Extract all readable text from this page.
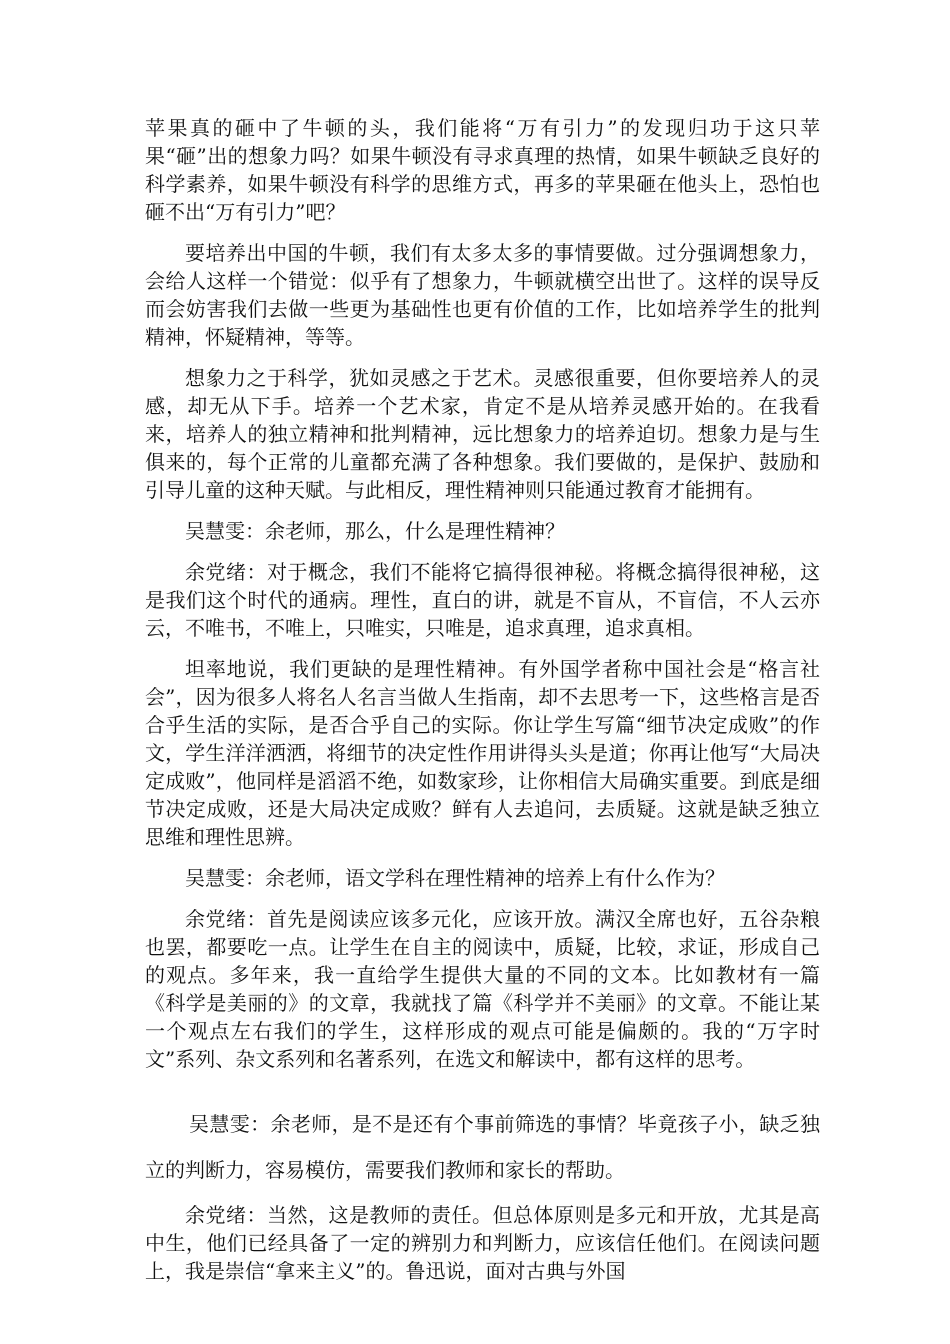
苹果真的砸中了牛顿的头，我们能将“万有引力”的发现归功于这只苹果“砸”出的想象力吗？如果牛顿没有寻求真理的热情，如果牛顿缺乏良好的科学素养，如果牛顿没有科学的思维方式，再多的苹果砸在他头上，恐怕也砸不出“万有引力”吧？

要培养出中国的牛顿，我们有太多太多的事情要做。过分强调想象力，会给人这样一个错觉：似乎有了想象力，牛顿就横空出世了。这样的误导反而会妨害我们去做一些更为基础性也更有价值的工作，比如培养学生的批判精神，怀疑精神，等等。

想象力之于科学，犹如灵感之于艺术。灵感很重要，但你要培养人的灵感，却无从下手。培养一个艺术家，肯定不是从培养灵感开始的。在我看来，培养人的独立精神和批判精神，远比想象力的培养迫切。想象力是与生俱来的，每个正常的儿童都充满了各种想象。我们要做的，是保护、鼓励和引导儿童的这种天赋。与此相反，理性精神则只能通过教育才能拥有。

吴慧雯：余老师，那么，什么是理性精神？

余党绪：对于概念，我们不能将它搞得很神秘。将概念搞得很神秘，这是我们这个时代的通病。理性，直白的讲，就是不盲从，不盲信，不人云亦云，不唯书，不唯上，只唯实，只唯是，追求真理，追求真相。

坦率地说，我们更缺的是理性精神。有外国学者称中国社会是“格言社会”，因为很多人将名人名言当做人生指南，却不去思考一下，这些格言是否合乎生活的实际，是否合乎自己的实际。你让学生写篇“细节决定成败”的作文，学生洋洋洒洒，将细节的决定性作用讲得头头是道；你再让他写“大局决定成败”，他同样是滔滔不绝，如数家珍，让你相信大局确实重要。到底是细节决定成败，还是大局决定成败？鲜有人去追问，去质疑。这就是缺乏独立思维和理性思辨。

吴慧雯：余老师，语文学科在理性精神的培养上有什么作为？

余党绪：首先是阅读应该多元化，应该开放。满汉全席也好，五谷杂粮也罢，都要吃一点。让学生在自主的阅读中，质疑，比较，求证，形成自己的观点。多年来，我一直给学生提供大量的不同的文本。比如教材有一篇《科学是美丽的》的文章，我就找了篇《科学并不美丽》的文章。不能让某一个观点左右我们的学生，这样形成的观点可能是偏颇的。我的“万字时文”系列、杂文系列和名著系列，在选文和解读中，都有这样的思考。

吴慧雯：余老师，是不是还有个事前筛选的事情？毕竟孩子小，缺乏独立的判断力，容易模仿，需要我们教师和家长的帮助。

余党绪：当然，这是教师的责任。但总体原则是多元和开放，尤其是高中生，他们已经具备了一定的辨别力和判断力，应该信任他们。在阅读问题上，我是崇信“拿来主义”的。鲁迅说，面对古典与外国
